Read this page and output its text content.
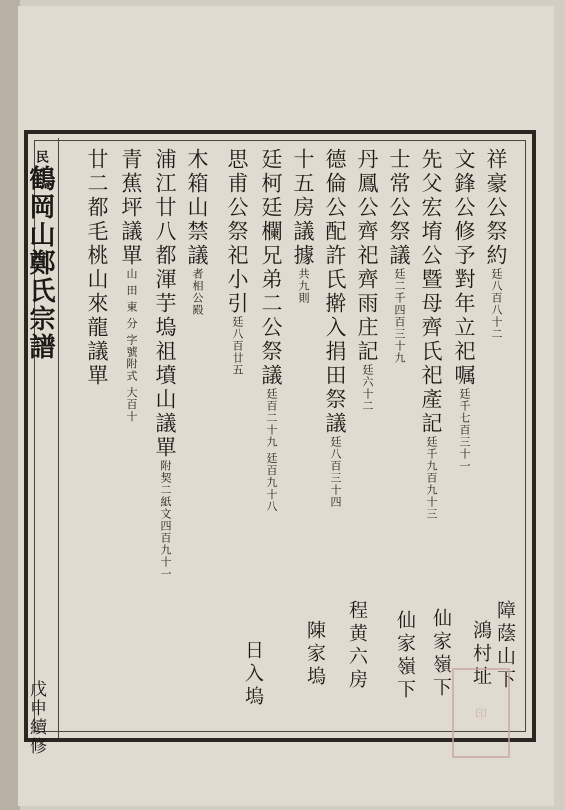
民鶴岡山鄭氏宗譜
戊申續修
祥豪公祭約廷八百八十二
文鋒公修予對年立祀嘱廷千七百三十一
先父宏堉公暨母齊氏祀產記廷千九百九十三
士常公祭議廷二千四百三十九
丹鳳公齊祀齊雨庄記廷六十二
德倫公配許氏擀入捐田祭議廷八百三十四
十五房議據共九則
廷柯廷欄兄弟二公祭議廷百二十九 廷百九十八
思甫公祭祀小引廷八百廿五
木箱山禁議者相公殿
浦江廿八都渾芋塢祖墳山議單附契二紙文四百九十一
青蕉坪議單山 田 東 分 字號附式 大百十
廿二都毛桃山來龍議單
障蔭山下
鴻村址
仙家嶺下
程黄六房 仙家嶺下
陳家塢
日入塢
印
